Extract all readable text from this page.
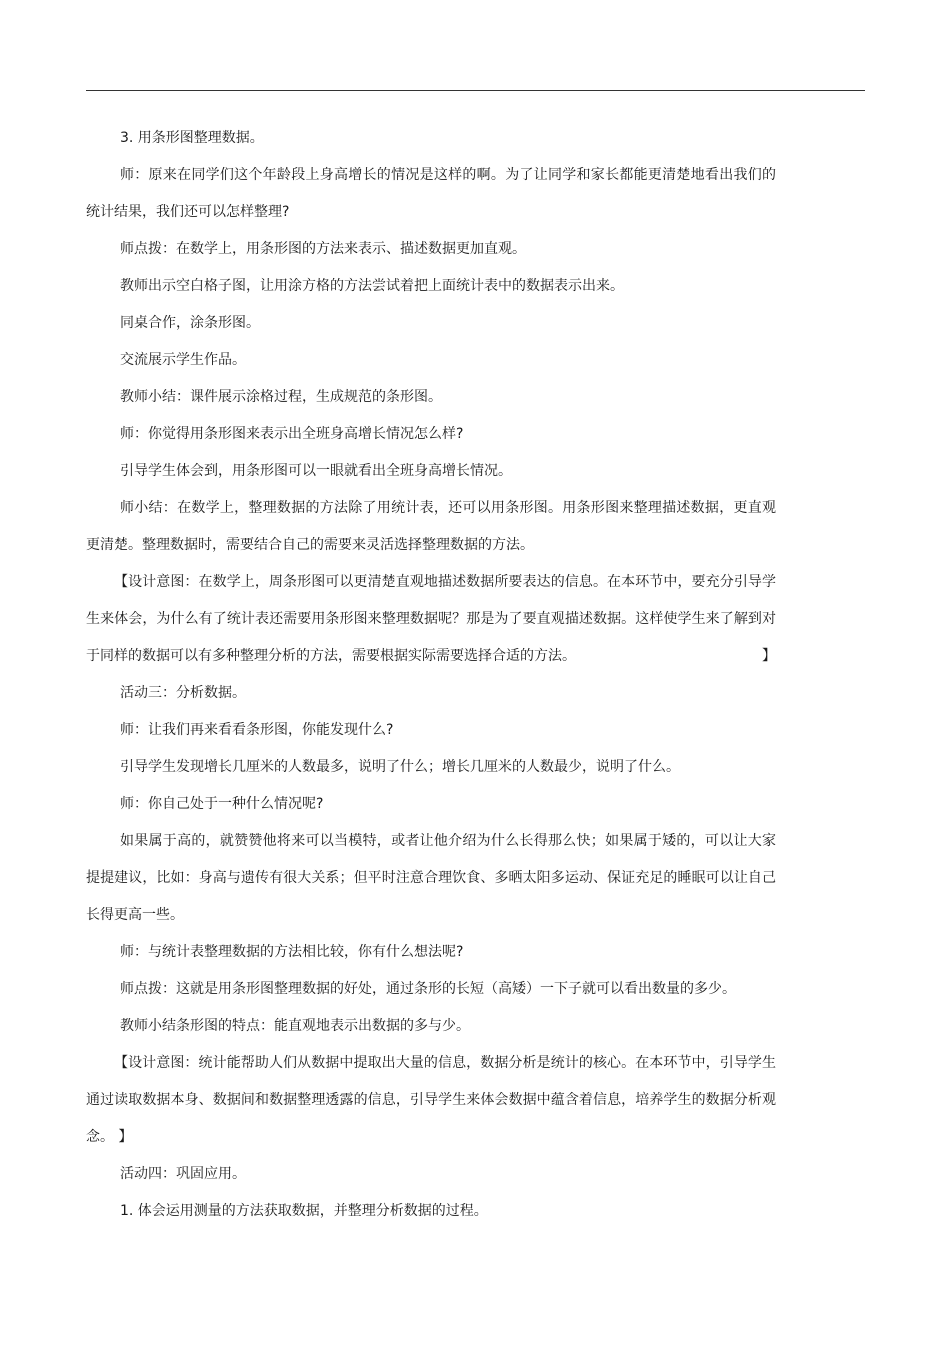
3. 用条形图整理数据。

师：原来在同学们这个年龄段上身高增长的情况是这样的啊。为了让同学和家长都能更清楚地看出我们的统计结果，我们还可以怎样整理?

师点拨：在数学上，用条形图的方法来表示、描述数据更加直观。

教师出示空白格子图，让用涂方格的方法尝试着把上面统计表中的数据表示出来。

同桌合作，涂条形图。

交流展示学生作品。

教师小结：课件展示涂格过程，生成规范的条形图。

师：你觉得用条形图来表示出全班身高增长情况怎么样?

引导学生体会到，用条形图可以一眼就看出全班身高增长情况。

师小结：在数学上，整理数据的方法除了用统计表，还可以用条形图。用条形图来整理描述数据，更直观更清楚。整理数据时，需要结合自己的需要来灵活选择整理数据的方法。

【设计意图：在数学上，周条形图可以更清楚直观地描述数据所要表达的信息。在本环节中，要充分引导学生来体会，为什么有了统计表还需要用条形图来整理数据呢？那是为了要直观描述数据。这样使学生来了解到对于同样的数据可以有多种整理分析的方法，需要根据实际需要选择合适的方法。	】

活动三：分析数据。

师：让我们再来看看条形图，你能发现什么?

引导学生发现增长几厘米的人数最多，说明了什么；增长几厘米的人数最少，说明了什么。

师：你自己处于一种什么情况呢?

如果属于高的，就赞赞他将来可以当模特，或者让他介绍为什么长得那么快；如果属于矮的，可以让大家提提建议，比如：身高与遗传有很大关系；但平时注意合理饮食、多晒太阳多运动、保证充足的睡眠可以让自己长得更高一些。

师：与统计表整理数据的方法相比较，你有什么想法呢?

师点拨：这就是用条形图整理数据的好处，通过条形的长短（高矮）一下子就可以看出数量的多少。

教师小结条形图的特点：能直观地表示出数据的多与少。

【设计意图：统计能帮助人们从数据中提取出大量的信息，数据分析是统计的核心。在本环节中，引导学生通过读取数据本身、数据间和数据整理透露的信息，引导学生来体会数据中蕴含着信息，培养学生的数据分析观念。 】

活动四：巩固应用。

1. 体会运用测量的方法获取数据，并整理分析数据的过程。
